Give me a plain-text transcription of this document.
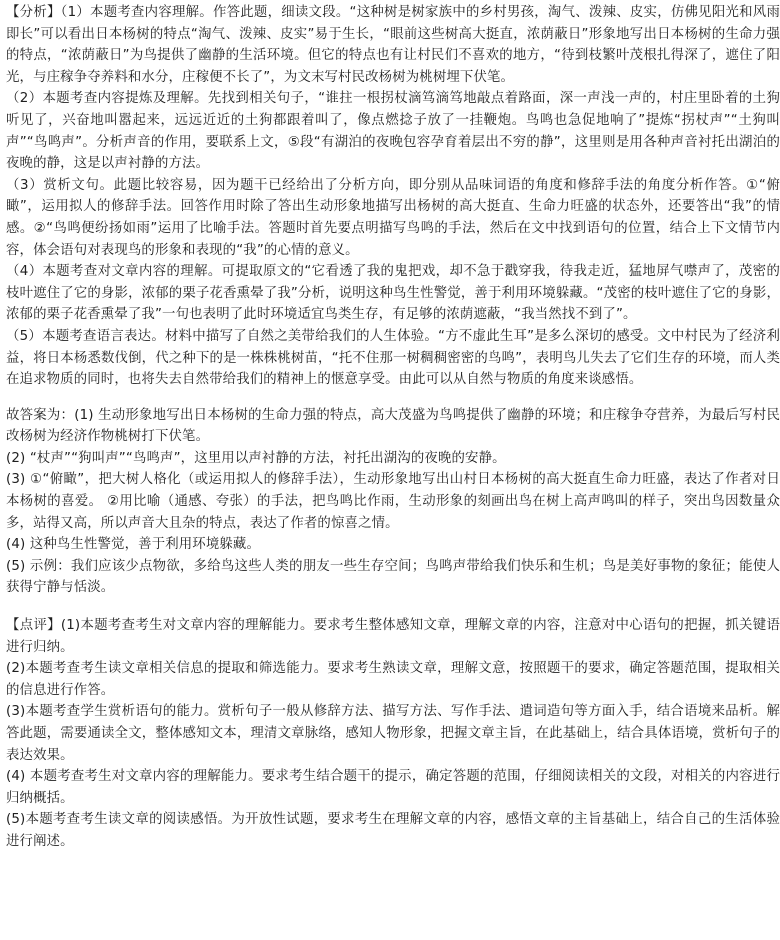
【分析】（1）本题考查内容理解。作答此题，细读文段。“这种树是树家族中的乡村男孩，淘气、泼辣、皮实，仿佛见阳光和风雨即长”可以看出日本杨树的特点“淘气、泼辣、皮实”易于生长，“眼前这些树高大挺直，浓荫蔽日”形象地写出日本杨树的生命力强的特点，“浓荫蔽日”为鸟提供了幽静的生活环境。但它的特点也有让村民们不喜欢的地方，“待到枝繁叶茂根扎得深了，遮住了阳光，与庄稼争夺养料和水分，庄稼便不长了”，为文末写村民改杨树为桃树埋下伏笔。

（2）本题考查内容提炼及理解。先找到相关句子，“谁拄一根拐杖滴笃滴笃地敲点着路面，深一声浅一声的，村庄里卧着的土狗听见了，兴奋地叫嚣起来，远远近近的土狗都跟着叫了，像点燃捻子放了一挂鞭炮。鸟鸣也急促地响了”提炼“拐杖声”“土狗叫声”“鸟鸣声”。分析声音的作用，要联系上文，⑤段“有湖泊的夜晚包容孕育着层出不穷的静”，这里则是用各种声音衬托出湖泊的夜晚的静，这是以声衬静的方法。

（3）赏析文句。此题比较容易，因为题干已经给出了分析方向，即分别从品味词语的角度和修辞手法的角度分析作答。①“俯瞰”，运用拟人的修辞手法。回答作用时除了答出生动形象地描写出杨树的高大挺直、生命力旺盛的状态外，还要答出“我”的情感。②“鸟鸣便纷扬如雨”运用了比喻手法。答题时首先要点明描写鸟鸣的手法，然后在文中找到语句的位置，结合上下文情节内容，体会语句对表现鸟的形象和表现的“我”的心情的意义。

（4）本题考查对文章内容的理解。可提取原文的“它看透了我的鬼把戏，却不急于戳穿我，待我走近，猛地屏气噤声了，茂密的枝叶遮住了它的身影，浓郁的栗子花香熏晕了我”分析，说明这种鸟生性警觉，善于利用环境躲藏。“茂密的枝叶遮住了它的身影，浓郁的栗子花香熏晕了我”一句也表明了此时环境适宜鸟类生存，有足够的浓荫遮蔽，“我当然找不到了”。

（5）本题考查语言表达。材料中描写了自然之美带给我们的人生体验。“方不虚此生耳”是多么深切的感受。文中村民为了经济利益，将日本杨悉数伐倒，代之种下的是一株株桃树苗，“托不住那一树稠稠密密的鸟鸣”，表明鸟儿失去了它们生存的环境，而人类在追求物质的同时，也将失去自然带给我们的精神上的惬意享受。由此可以从自然与物质的角度来谈感悟。

故答案为：(1) 生动形象地写出日本杨树的生命力强的特点，高大茂盛为鸟鸣提供了幽静的环境；和庄稼争夺营养，为最后写村民改杨树为经济作物桃树打下伏笔。

(2) “杖声”“狗叫声”“鸟鸣声”，这里用以声衬静的方法，衬托出湖沟的夜晚的安静。

(3) ①“俯瞰”，把大树人格化（或运用拟人的修辞手法），生动形象地写出山村日本杨树的高大挺直生命力旺盛，表达了作者对日本杨树的喜爱。 ②用比喻（通感、夸张）的手法，把鸟鸣比作雨，生动形象的刻画出鸟在树上高声鸣叫的样子，突出鸟因数量众多，站得又高，所以声音大且杂的特点，表达了作者的惊喜之情。

(4) 这种鸟生性警觉，善于利用环境躲藏。

(5) 示例：我们应该少点物欲，多给鸟这些人类的朋友一些生存空间；鸟鸣声带给我们快乐和生机；鸟是美好事物的象征；能使人获得宁静与恬淡。

【点评】(1)本题考查考生对文章内容的理解能力。要求考生整体感知文章，理解文章的内容，注意对中心语句的把握，抓关键语进行归纳。

(2)本题考查考生读文章相关信息的提取和筛选能力。要求考生熟读文章，理解文意，按照题干的要求，确定答题范围，提取相关的信息进行作答。

(3)本题考查学生赏析语句的能力。赏析句子一般从修辞方法、描写方法、写作手法、遣词造句等方面入手，结合语境来品析。解答此题，需要通读全文，整体感知文本，理清文章脉络，感知人物形象，把握文章主旨，在此基础上，结合具体语境，赏析句子的表达效果。

(4) 本题考查考生对文章内容的理解能力。要求考生结合题干的提示，确定答题的范围，仔细阅读相关的文段，对相关的内容进行归纳概括。

(5)本题考查考生读文章的阅读感悟。为开放性试题，要求考生在理解文章的内容，感悟文章的主旨基础上，结合自己的生活体验进行阐述。
